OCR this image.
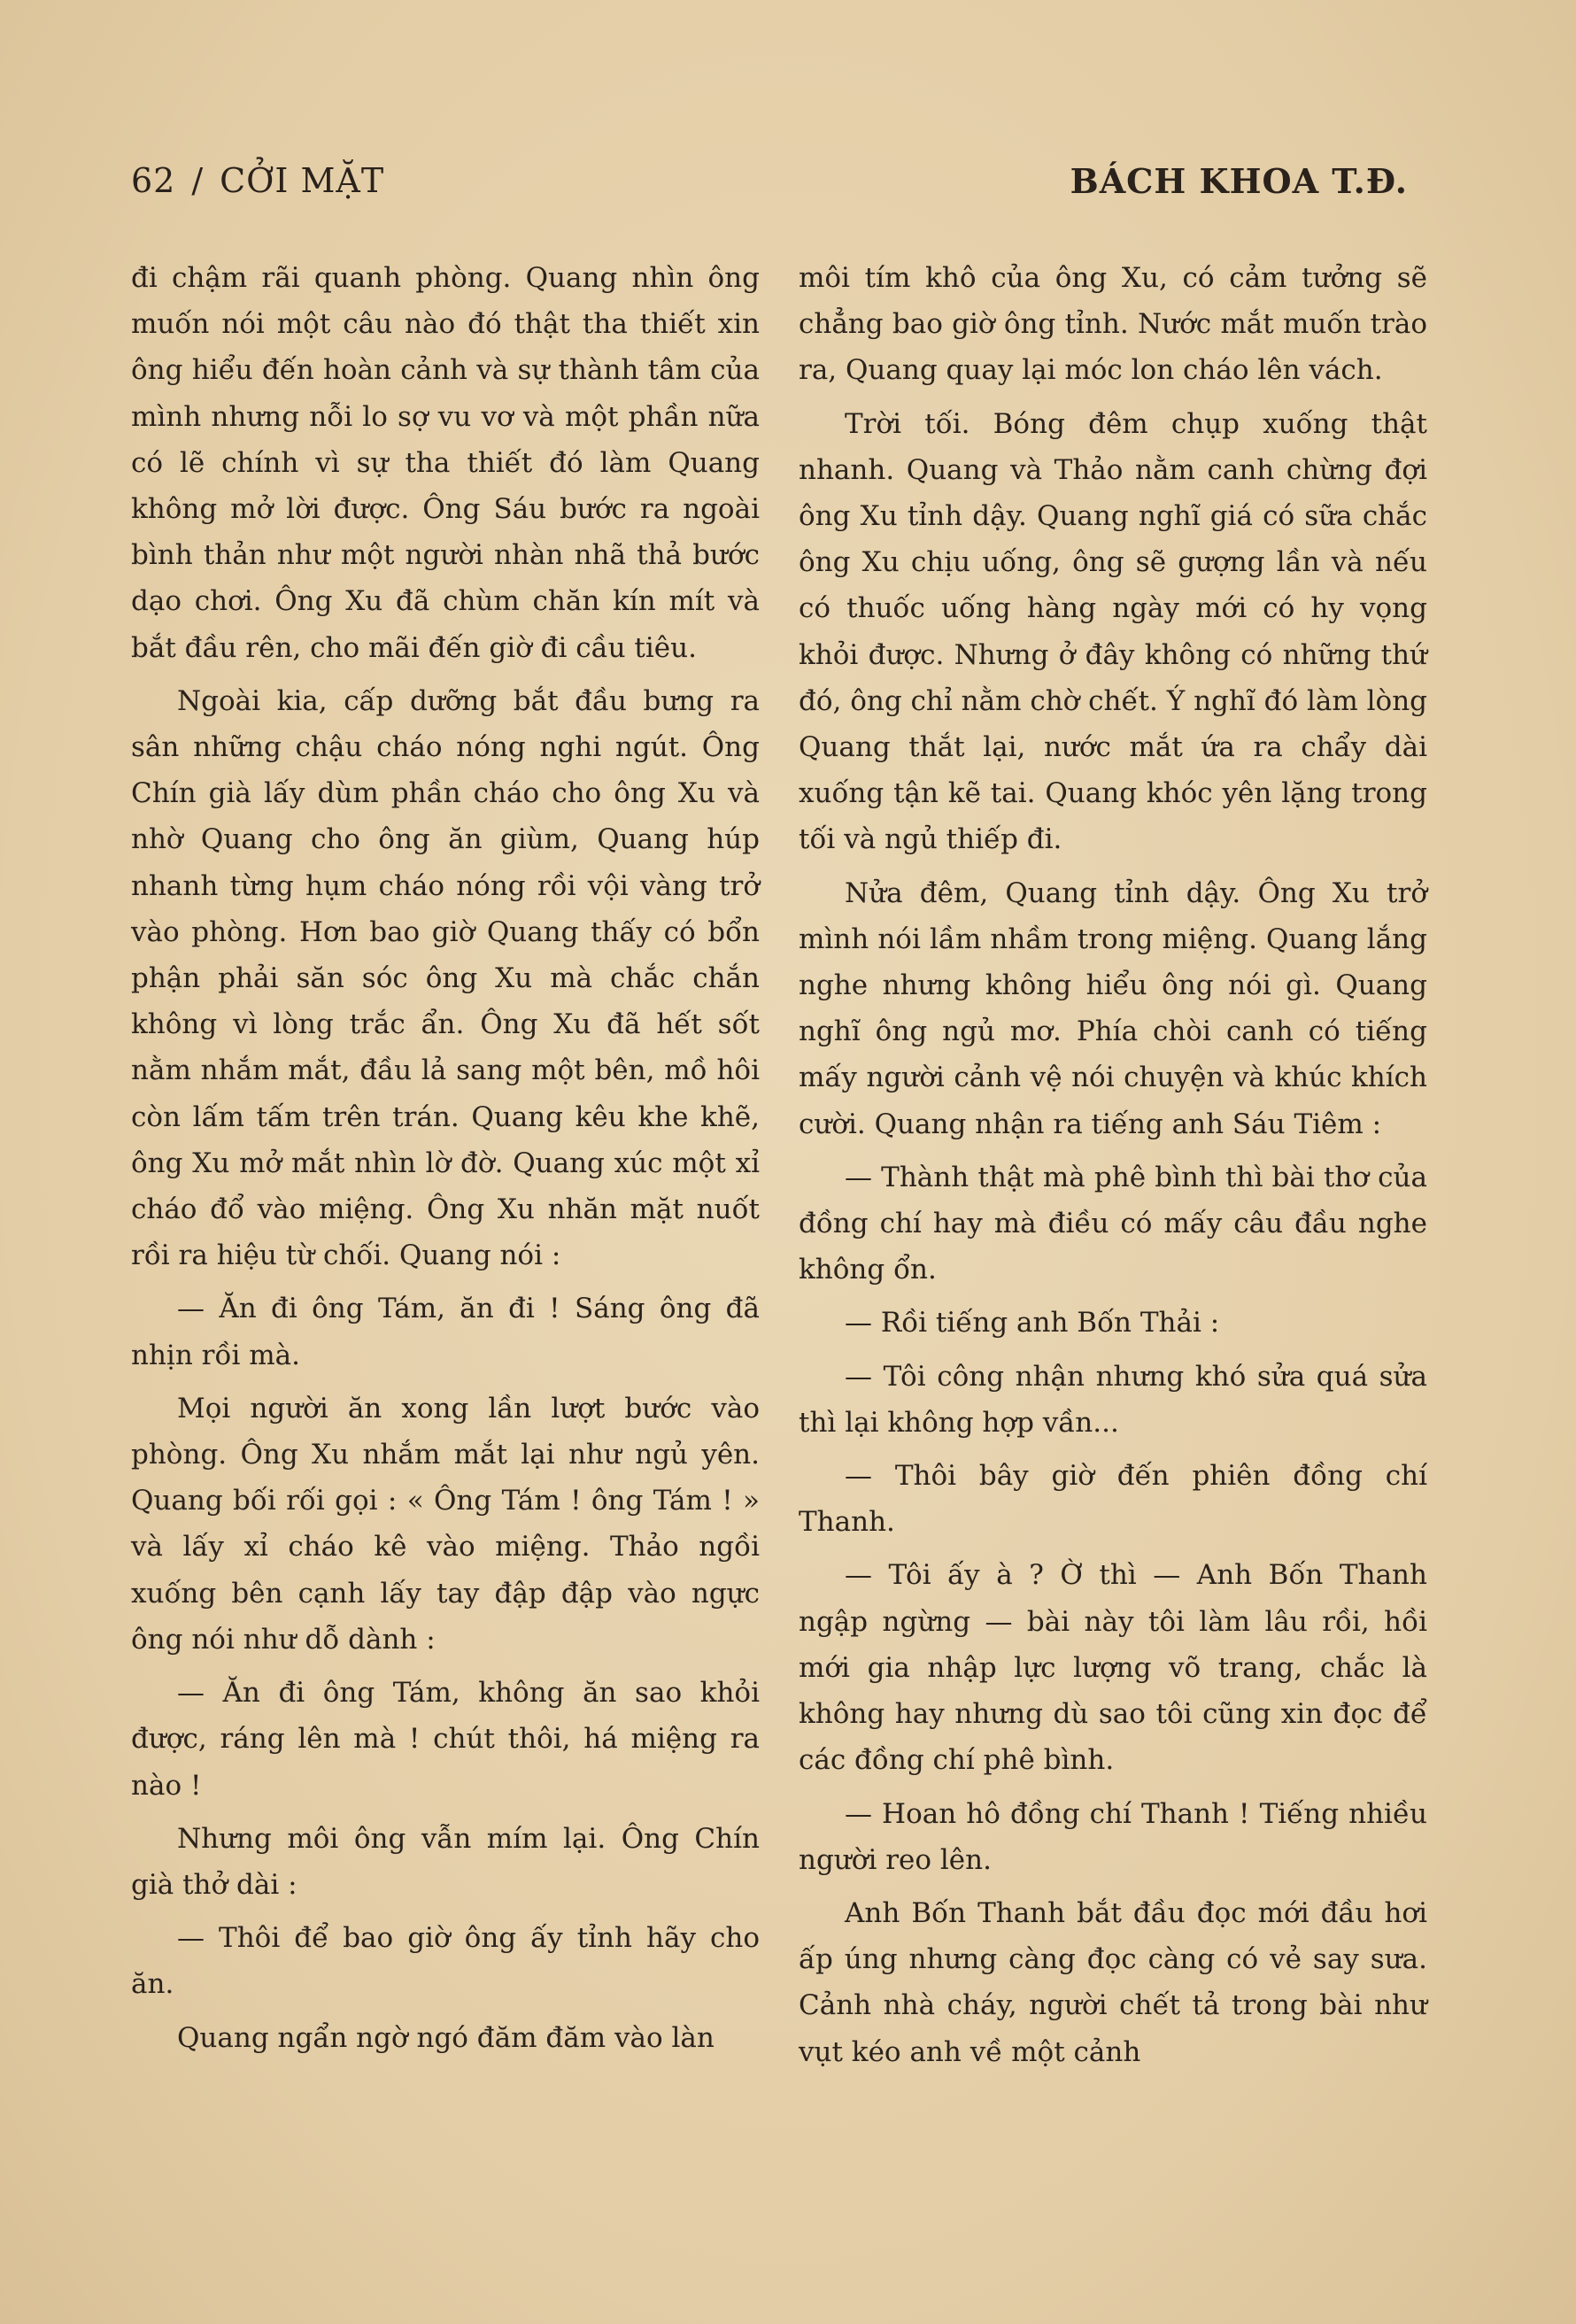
62 / CỞI MẶT	BÁCH KHOA T.Đ.

đi chậm rãi quanh phòng. Quang nhìn ông muốn nói một câu nào đó thật tha thiết xin ông hiểu đến hoàn cảnh và sự thành tâm của mình nhưng nỗi lo sợ vu vơ và một phần nữa có lẽ chính vì sự tha thiết đó làm Quang không mở lời được. Ông Sáu bước ra ngoài bình thản như một người nhàn nhã thả bước dạo chơi. Ông Xu đã chùm chăn kín mít và bắt đầu rên, cho mãi đến giờ đi cầu tiêu.

Ngoài kia, cấp dưỡng bắt đầu bưng ra sân những chậu cháo nóng nghi ngút. Ông Chín già lấy dùm phần cháo cho ông Xu và nhờ Quang cho ông ăn giùm, Quang húp nhanh từng hụm cháo nóng rồi vội vàng trở vào phòng. Hơn bao giờ Quang thấy có bổn phận phải săn sóc ông Xu mà chắc chắn không vì lòng trắc ẩn. Ông Xu đã hết sốt nằm nhắm mắt, đầu lả sang một bên, mồ hôi còn lấm tấm trên trán. Quang kêu khe khẽ, ông Xu mở mắt nhìn lờ đờ. Quang xúc một xỉ cháo đổ vào miệng. Ông Xu nhăn mặt nuốt rồi ra hiệu từ chối. Quang nói :

— Ăn đi ông Tám, ăn đi ! Sáng ông đã nhịn rồi mà.

Mọi người ăn xong lần lượt bước vào phòng. Ông Xu nhắm mắt lại như ngủ yên. Quang bối rối gọi : « Ông Tám ! ông Tám ! » và lấy xỉ cháo kê vào miệng. Thảo ngồi xuống bên cạnh lấy tay đập đập vào ngực ông nói như dỗ dành :

— Ăn đi ông Tám, không ăn sao khỏi được, ráng lên mà ! chút thôi, há miệng ra nào !

Nhưng môi ông vẫn mím lại. Ông Chín già thở dài :

— Thôi để bao giờ ông ấy tỉnh hãy cho ăn.

Quang ngẩn ngờ ngó đăm đăm vào làn

môi tím khô của ông Xu, có cảm tưởng sẽ chẳng bao giờ ông tỉnh. Nước mắt muốn trào ra, Quang quay lại móc lon cháo lên vách.

Trời tối. Bóng đêm chụp xuống thật nhanh. Quang và Thảo nằm canh chừng đợi ông Xu tỉnh dậy. Quang nghĩ giá có sữa chắc ông Xu chịu uống, ông sẽ gượng lần và nếu có thuốc uống hàng ngày mới có hy vọng khỏi được. Nhưng ở đây không có những thứ đó, ông chỉ nằm chờ chết. Ý nghĩ đó làm lòng Quang thắt lại, nước mắt ứa ra chẩy dài xuống tận kẽ tai. Quang khóc yên lặng trong tối và ngủ thiếp đi.

Nửa đêm, Quang tỉnh dậy. Ông Xu trở mình nói lầm nhầm trong miệng. Quang lắng nghe nhưng không hiểu ông nói gì. Quang nghĩ ông ngủ mơ. Phía chòi canh có tiếng mấy người cảnh vệ nói chuyện và khúc khích cười. Quang nhận ra tiếng anh Sáu Tiêm :

— Thành thật mà phê bình thì bài thơ của đồng chí hay mà điều có mấy câu đầu nghe không ổn.

— Rồi tiếng anh Bốn Thải :

— Tôi công nhận nhưng khó sửa quá sửa thì lại không hợp vần...

— Thôi bây giờ đến phiên đồng chí Thanh.

— Tôi ấy à ? Ờ thì — Anh Bốn Thanh ngập ngừng — bài này tôi làm lâu rồi, hồi mới gia nhập lực lượng võ trang, chắc là không hay nhưng dù sao tôi cũng xin đọc để các đồng chí phê bình.

— Hoan hô đồng chí Thanh ! Tiếng nhiều người reo lên.

Anh Bốn Thanh bắt đầu đọc mới đầu hơi ấp úng nhưng càng đọc càng có vẻ say sưa. Cảnh nhà cháy, người chết tả trong bài như vụt kéo anh về một cảnh
